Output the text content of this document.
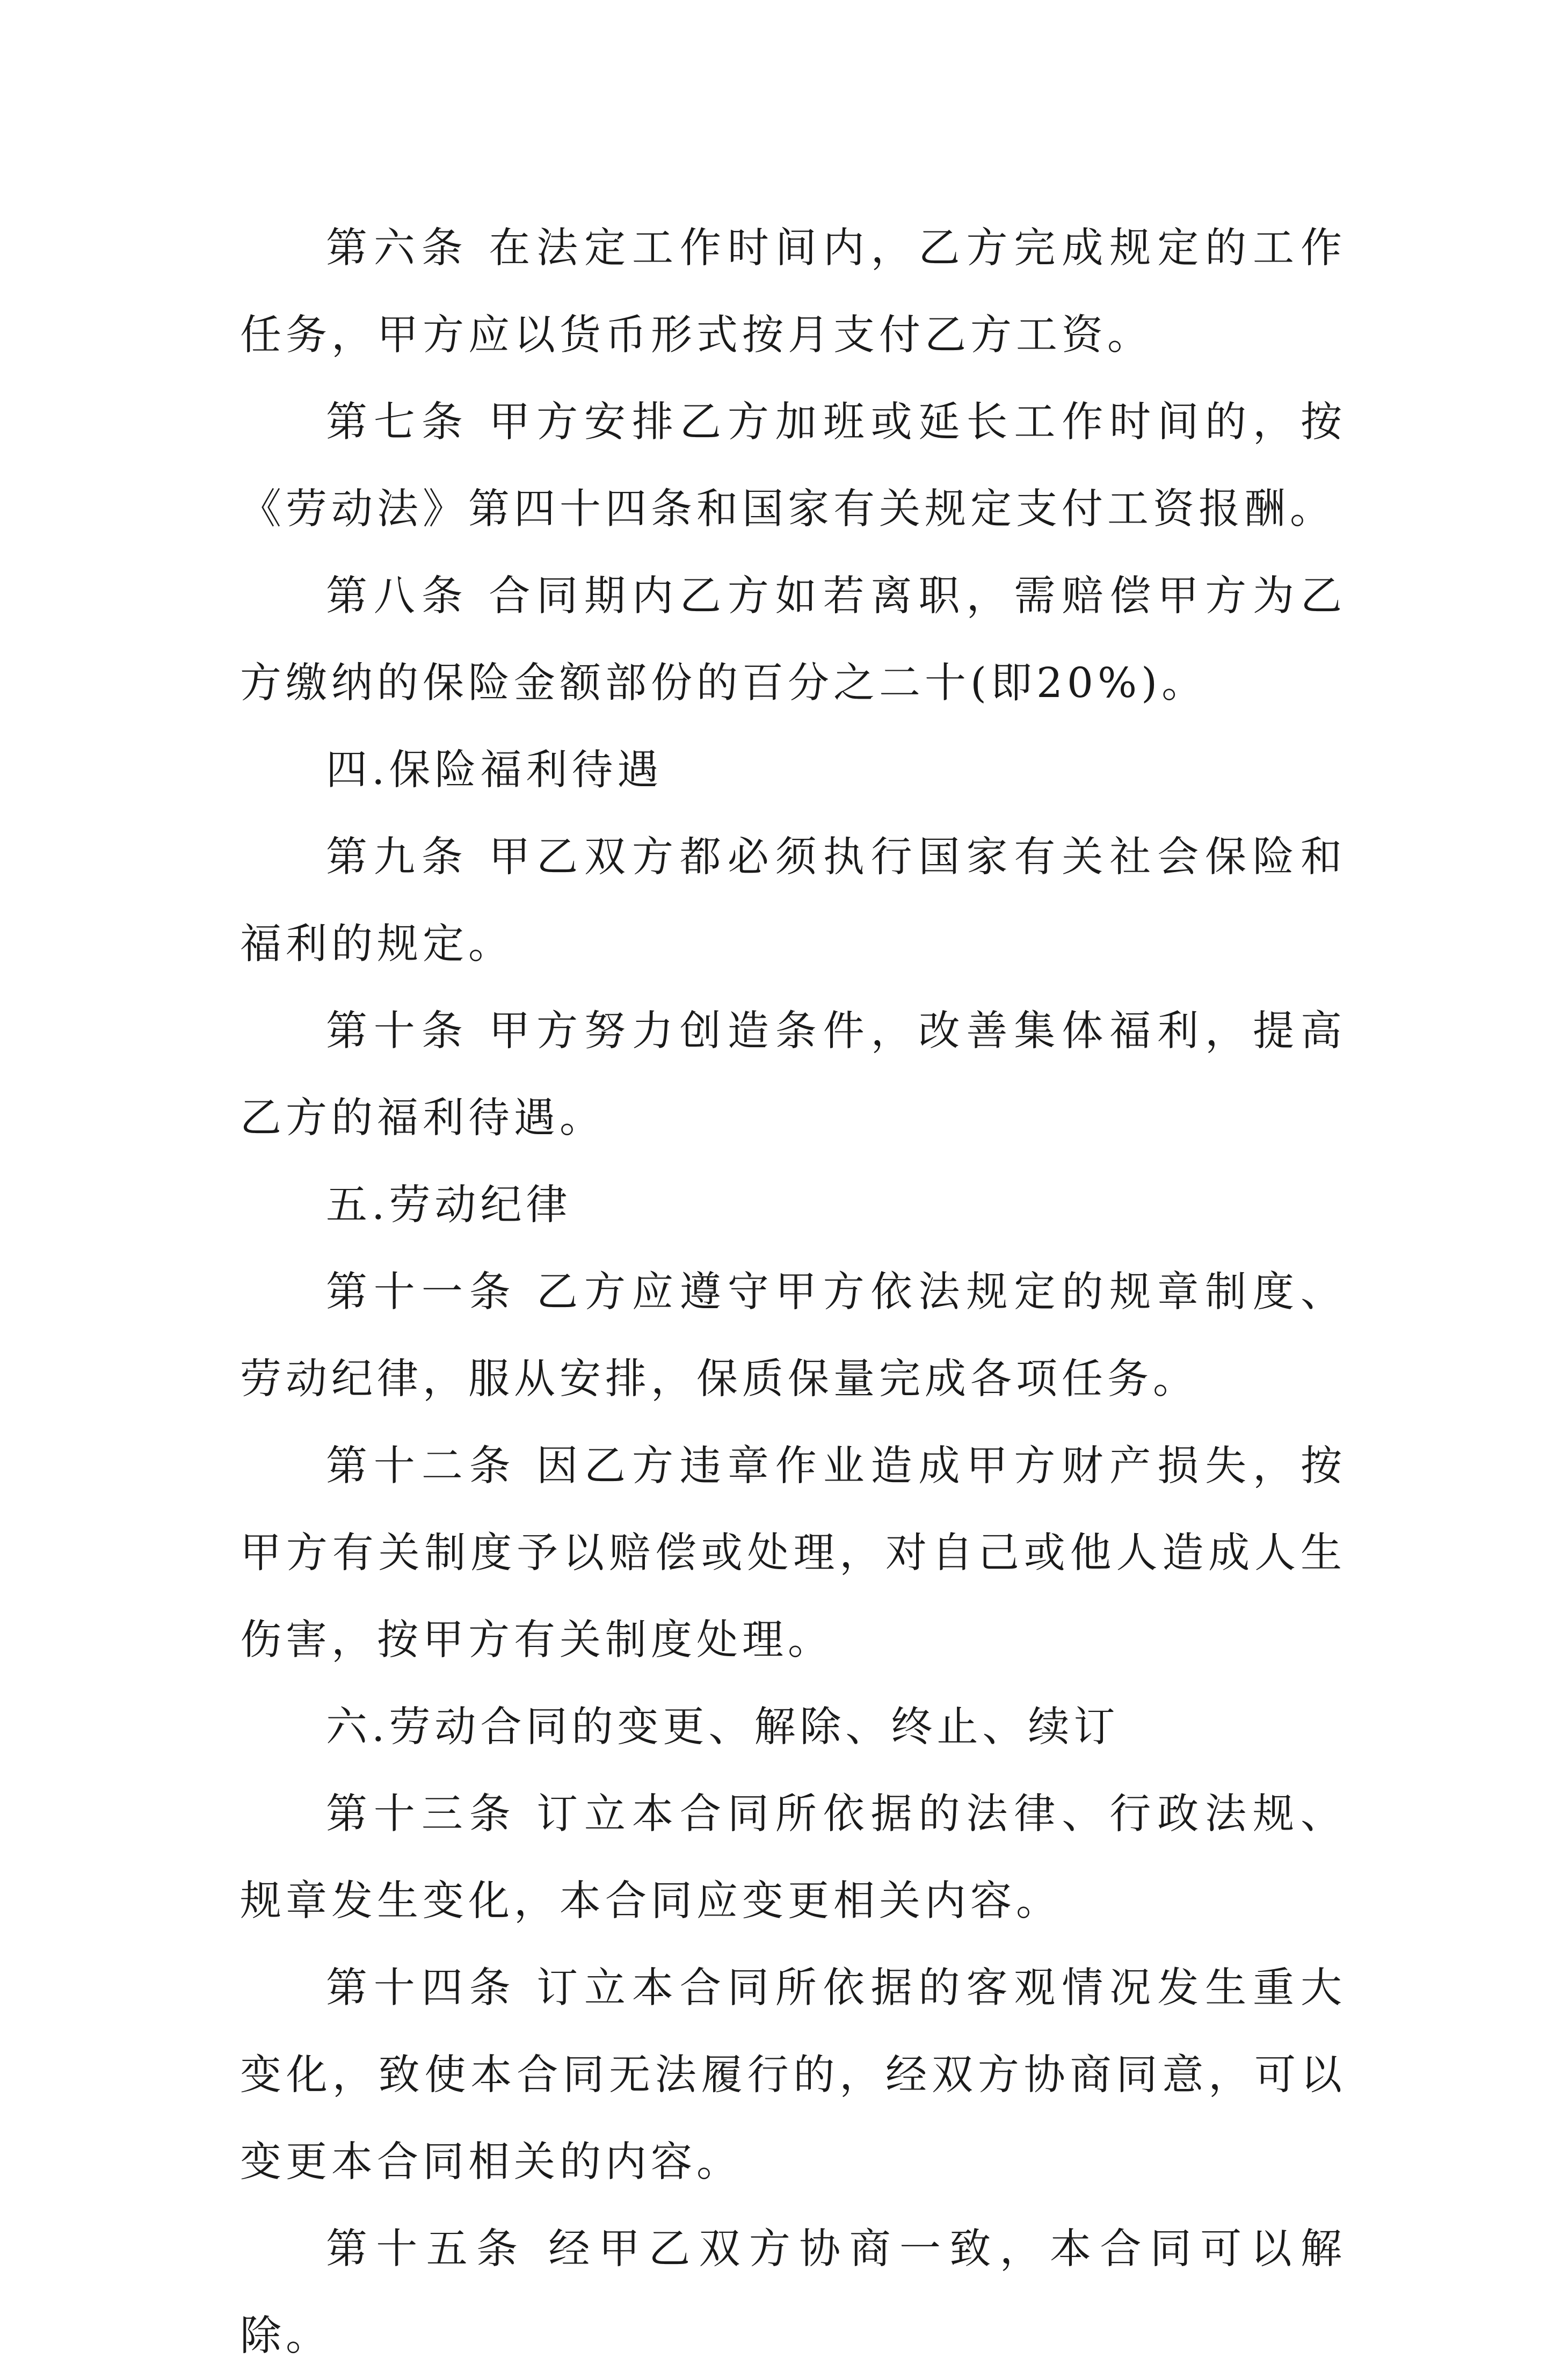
第六条 在法定工作时间内，乙方完成规定的工作任务，甲方应以货币形式按月支付乙方工资。

第七条 甲方安排乙方加班或延长工作时间的，按《劳动法》第四十四条和国家有关规定支付工资报酬。

第八条 合同期内乙方如若离职，需赔偿甲方为乙方缴纳的保险金额部份的百分之二十(即20%)。

四.保险福利待遇

第九条 甲乙双方都必须执行国家有关社会保险和福利的规定。

第十条 甲方努力创造条件，改善集体福利，提高乙方的福利待遇。

五.劳动纪律

第十一条 乙方应遵守甲方依法规定的规章制度、劳动纪律，服从安排，保质保量完成各项任务。

第十二条 因乙方违章作业造成甲方财产损失，按甲方有关制度予以赔偿或处理，对自己或他人造成人生伤害，按甲方有关制度处理。

六.劳动合同的变更、解除、终止、续订

第十三条 订立本合同所依据的法律、行政法规、规章发生变化，本合同应变更相关内容。

第十四条 订立本合同所依据的客观情况发生重大变化，致使本合同无法履行的，经双方协商同意，可以变更本合同相关的内容。

第十五条 经甲乙双方协商一致，本合同可以解除。
